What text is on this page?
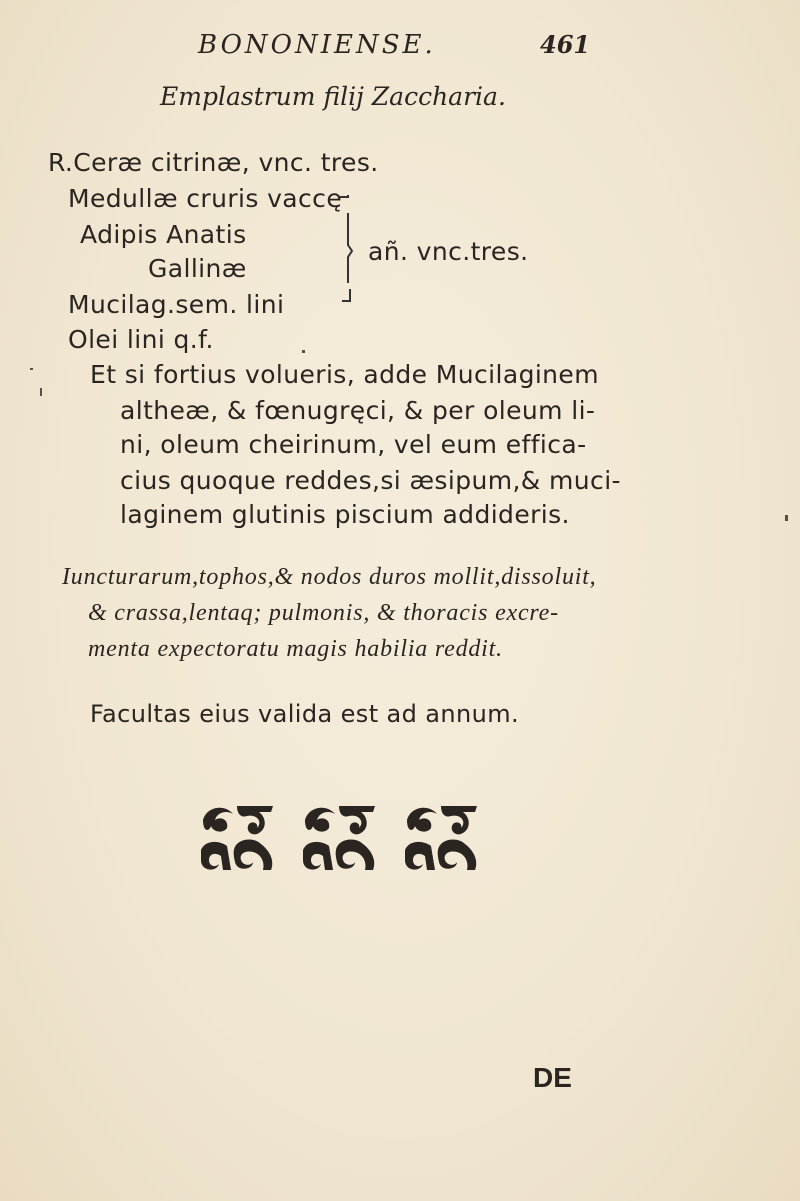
BONONIENSE.	461
Emplastrum filij Zaccharia.
R.Ceræ citrinæ, vnc. tres.
Medullæ cruris vaccę
Adipis Anatis
Gallinæ
Mucilag.sem. lini
Olei lini q.f.
añ. vnc.tres.
Et si fortius volueris, adde Mucilaginem
altheæ, & fœnugręci, & per oleum li-
ni, oleum cheirinum, vel eum effica-
cius quoque reddes,si æsipum,& muci-
laginem glutinis piscium addideris.
Iuncturarum,tophos,& nodos duros mollit,dissoluit,
& crassa,lentaq; pulmonis, & thoracis excre-
menta expectoratu magis habilia reddit.
Facultas eius valida est ad annum.
DE
